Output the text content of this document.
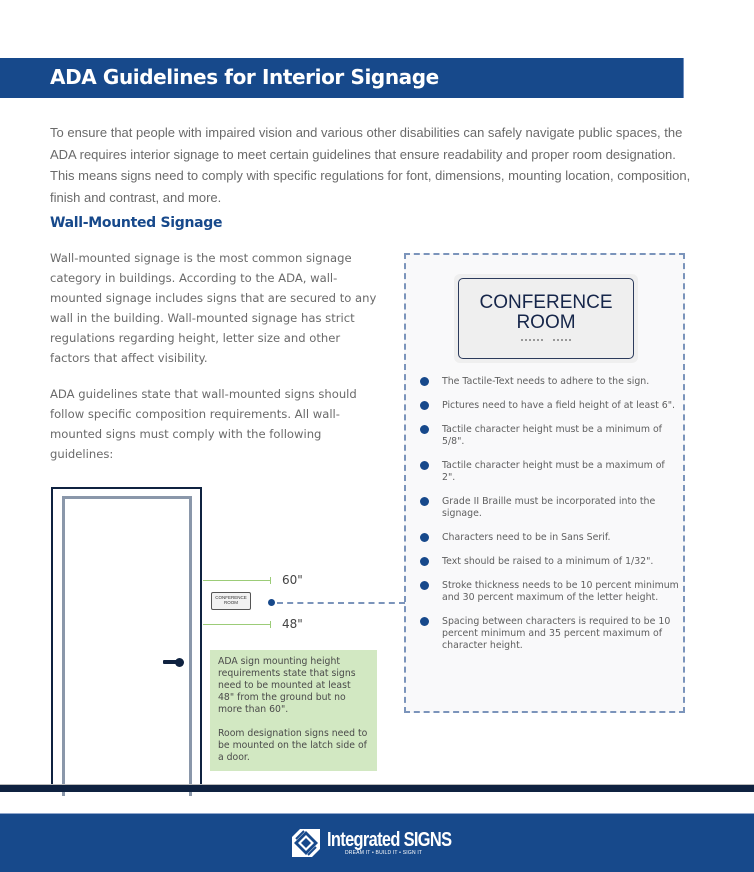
ADA Guidelines for Interior Signage

To ensure that people with impaired vision and various other disabilities can safely navigate public spaces, the ADA requires interior signage to meet certain guidelines that ensure readability and proper room designation. This means signs need to comply with specific regulations for font, dimensions, mounting location, composition, finish and contrast, and more.

Wall-Mounted Signage

Wall-mounted signage is the most common signage category in buildings. According to the ADA, wall-mounted signage includes signs that are secured to any wall in the building. Wall-mounted signage has strict regulations regarding height, letter size and other factors that affect visibility.

ADA guidelines state that wall-mounted signs should follow specific composition requirements. All wall-mounted signs must comply with the following guidelines:

CONFERENCE
ROOM
The Tactile-Text needs to adhere to the sign.
Pictures need to have a field height of at least 6".
Tactile character height must be a minimum of 5/8".
Tactile character height must be a maximum of 2".
Grade II Braille must be incorporated into the signage.
Characters need to be in Sans Serif.
Text should be raised to a minimum of 1/32".
Stroke thickness needs to be 10 percent minimum and 30 percent maximum of the letter height.
Spacing between characters is required to be 10 percent minimum and 35 percent maximum of character height.
60"
48"
CONFERENCE
ROOM

ADA sign mounting height requirements state that signs need to be mounted at least 48" from the ground but no more than 60".

Room designation signs need to be mounted on the latch side of a door.

Integrated SIGNS
DREAM IT • BUILD IT • SIGN IT
